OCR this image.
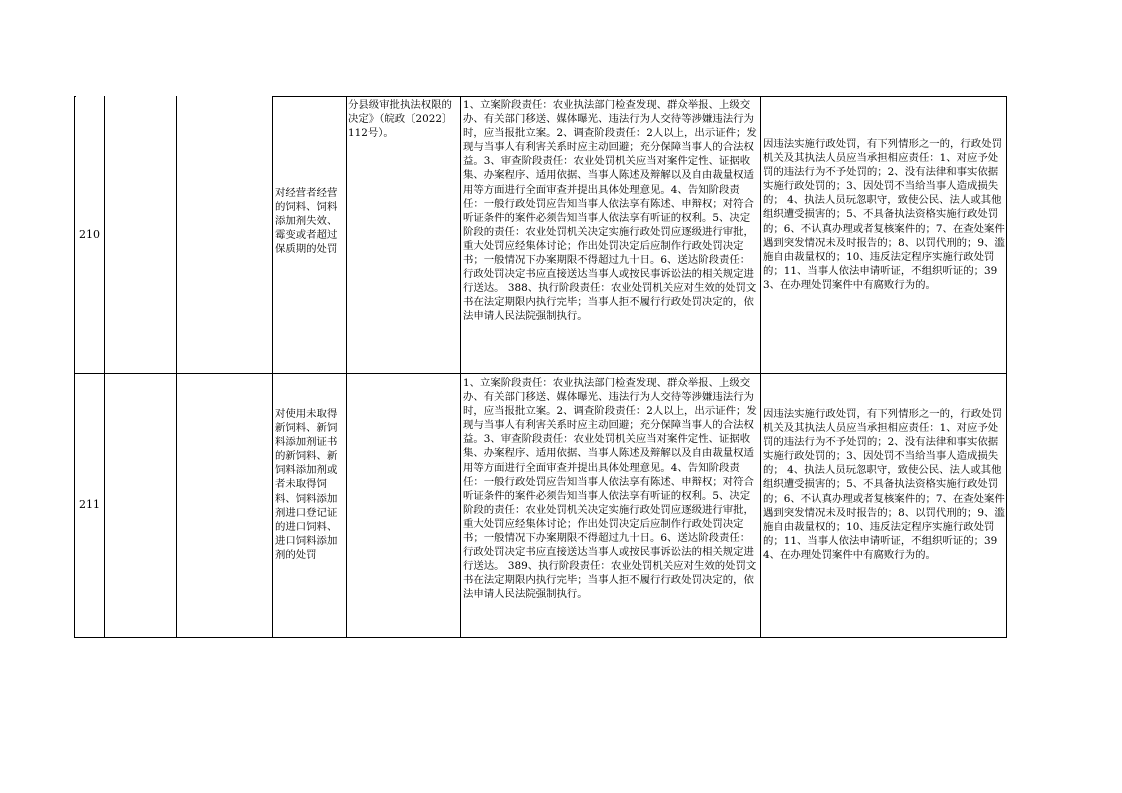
210
对经营者经营的饲料、饲料添加剂失效、霉变或者超过保质期的处罚
分县级审批执法权限的决定》（皖政〔2022〕112号）。
1、立案阶段责任：农业执法部门检查发现、群众举报、上级交办、有关部门移送、媒体曝光、违法行为人交待等涉嫌违法行为时，应当报批立案。2、调查阶段责任：2人以上，出示证件；发现与当事人有利害关系时应主动回避；充分保障当事人的合法权益。3、审查阶段责任：农业处罚机关应当对案件定性、证据收集、办案程序、适用依据、当事人陈述及辩解以及自由裁量权适用等方面进行全面审查并提出具体处理意见。4、告知阶段责任：一般行政处罚应告知当事人依法享有陈述、申辩权；对符合听证条件的案件必须告知当事人依法享有听证的权利。5、决定阶段的责任：农业处罚机关决定实施行政处罚应逐级进行审批，重大处罚应经集体讨论；作出处罚决定后应制作行政处罚决定书；一般情况下办案期限不得超过九十日。6、送达阶段责任：行政处罚决定书应直接送达当事人或按民事诉讼法的相关规定进行送达。 388、执行阶段责任：农业处罚机关应对生效的处罚文书在法定期限内执行完毕；当事人拒不履行行政处罚决定的，依法申请人民法院强制执行。
因违法实施行政处罚，有下列情形之一的，行政处罚机关及其执法人员应当承担相应责任：1、对应予处罚的违法行为不予处罚的；2、没有法律和事实依据实施行政处罚的；3、因处罚不当给当事人造成损失的； 4、执法人员玩忽职守，致使公民、法人或其他组织遭受损害的；5、不具备执法资格实施行政处罚的；6、不认真办理或者复核案件的；7、在查处案件遇到突发情况未及时报告的；8、以罚代刑的；9、滥施自由裁量权的；10、违反法定程序实施行政处罚的；11、当事人依法申请听证，不组织听证的；393、在办理处罚案件中有腐败行为的。
211
对使用未取得新饲料、新饲料添加剂证书的新饲料、新饲料添加剂或者未取得饲料、饲料添加剂进口登记证的进口饲料、进口饲料添加剂的处罚
1、立案阶段责任：农业执法部门检查发现、群众举报、上级交办、有关部门移送、媒体曝光、违法行为人交待等涉嫌违法行为时，应当报批立案。2、调查阶段责任：2人以上，出示证件；发现与当事人有利害关系时应主动回避；充分保障当事人的合法权益。3、审查阶段责任：农业处罚机关应当对案件定性、证据收集、办案程序、适用依据、当事人陈述及辩解以及自由裁量权适用等方面进行全面审查并提出具体处理意见。4、告知阶段责任：一般行政处罚应告知当事人依法享有陈述、申辩权；对符合听证条件的案件必须告知当事人依法享有听证的权利。5、决定阶段的责任：农业处罚机关决定实施行政处罚应逐级进行审批，重大处罚应经集体讨论；作出处罚决定后应制作行政处罚决定书；一般情况下办案期限不得超过九十日。6、送达阶段责任：行政处罚决定书应直接送达当事人或按民事诉讼法的相关规定进行送达。 389、执行阶段责任：农业处罚机关应对生效的处罚文书在法定期限内执行完毕；当事人拒不履行行政处罚决定的，依法申请人民法院强制执行。
因违法实施行政处罚，有下列情形之一的，行政处罚机关及其执法人员应当承担相应责任：1、对应予处罚的违法行为不予处罚的；2、没有法律和事实依据实施行政处罚的；3、因处罚不当给当事人造成损失的； 4、执法人员玩忽职守，致使公民、法人或其他组织遭受损害的；5、不具备执法资格实施行政处罚的；6、不认真办理或者复核案件的；7、在查处案件遇到突发情况未及时报告的；8、以罚代刑的；9、滥施自由裁量权的；10、违反法定程序实施行政处罚的；11、当事人依法申请听证，不组织听证的；394、在办理处罚案件中有腐败行为的。
